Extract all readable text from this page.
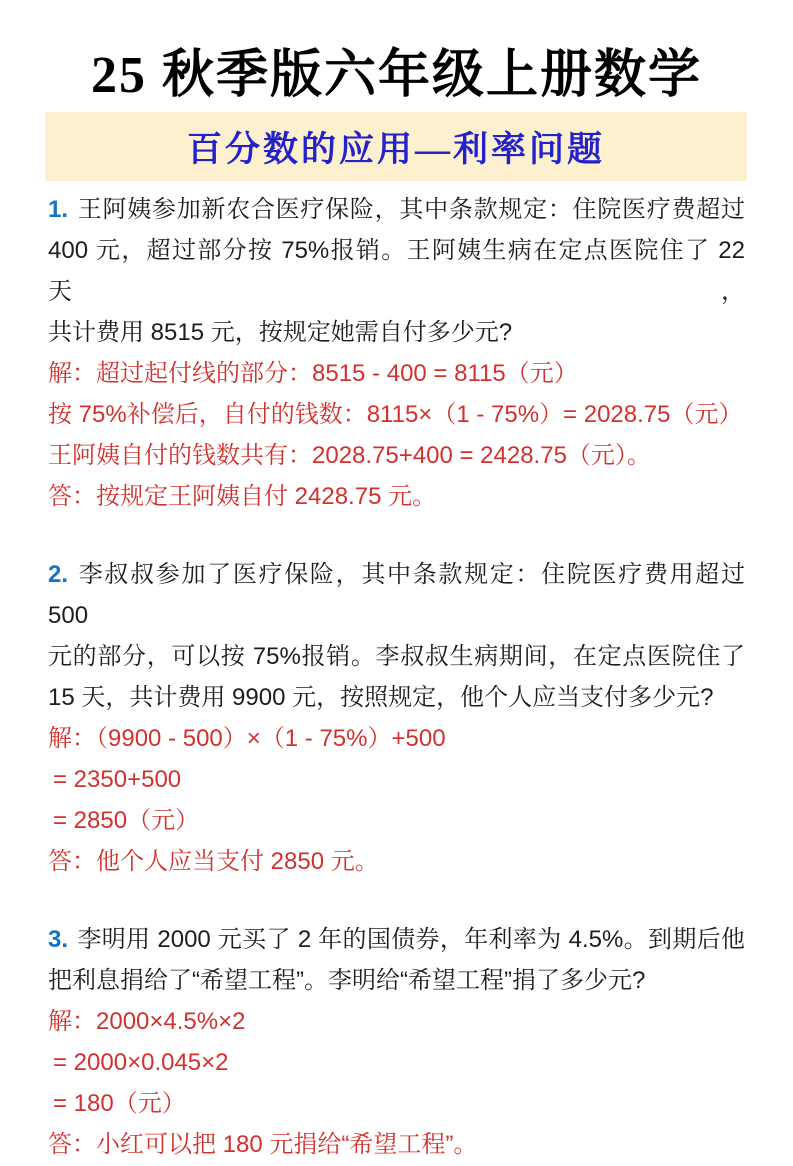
25 秋季版六年级上册数学
百分数的应用—利率问题
1. 王阿姨参加新农合医疗保险，其中条款规定：住院医疗费超过
400 元，超过部分按 75%报销。王阿姨生病在定点医院住了 22 天，
共计费用 8515 元，按规定她需自付多少元?
解：超过起付线的部分：8515 - 400 = 8115（元）
按 75%补偿后，自付的钱数：8115×（1 - 75%）= 2028.75（元）
王阿姨自付的钱数共有：2028.75+400 = 2428.75（元）。
答：按规定王阿姨自付 2428.75 元。
2. 李叔叔参加了医疗保险，其中条款规定：住院医疗费用超过 500
元的部分，可以按 75%报销。李叔叔生病期间，在定点医院住了
15 天，共计费用 9900 元，按照规定，他个人应当支付多少元?
解：（9900 - 500）×（1 - 75%）+500
= 2350+500
= 2850（元）
答：他个人应当支付 2850 元。
3. 李明用 2000 元买了 2 年的国债券，年利率为 4.5%。到期后他
把利息捐给了“希望工程”。李明给“希望工程”捐了多少元?
解：2000×4.5%×2
= 2000×0.045×2
= 180（元）
答：小红可以把 180 元捐给“希望工程”。
